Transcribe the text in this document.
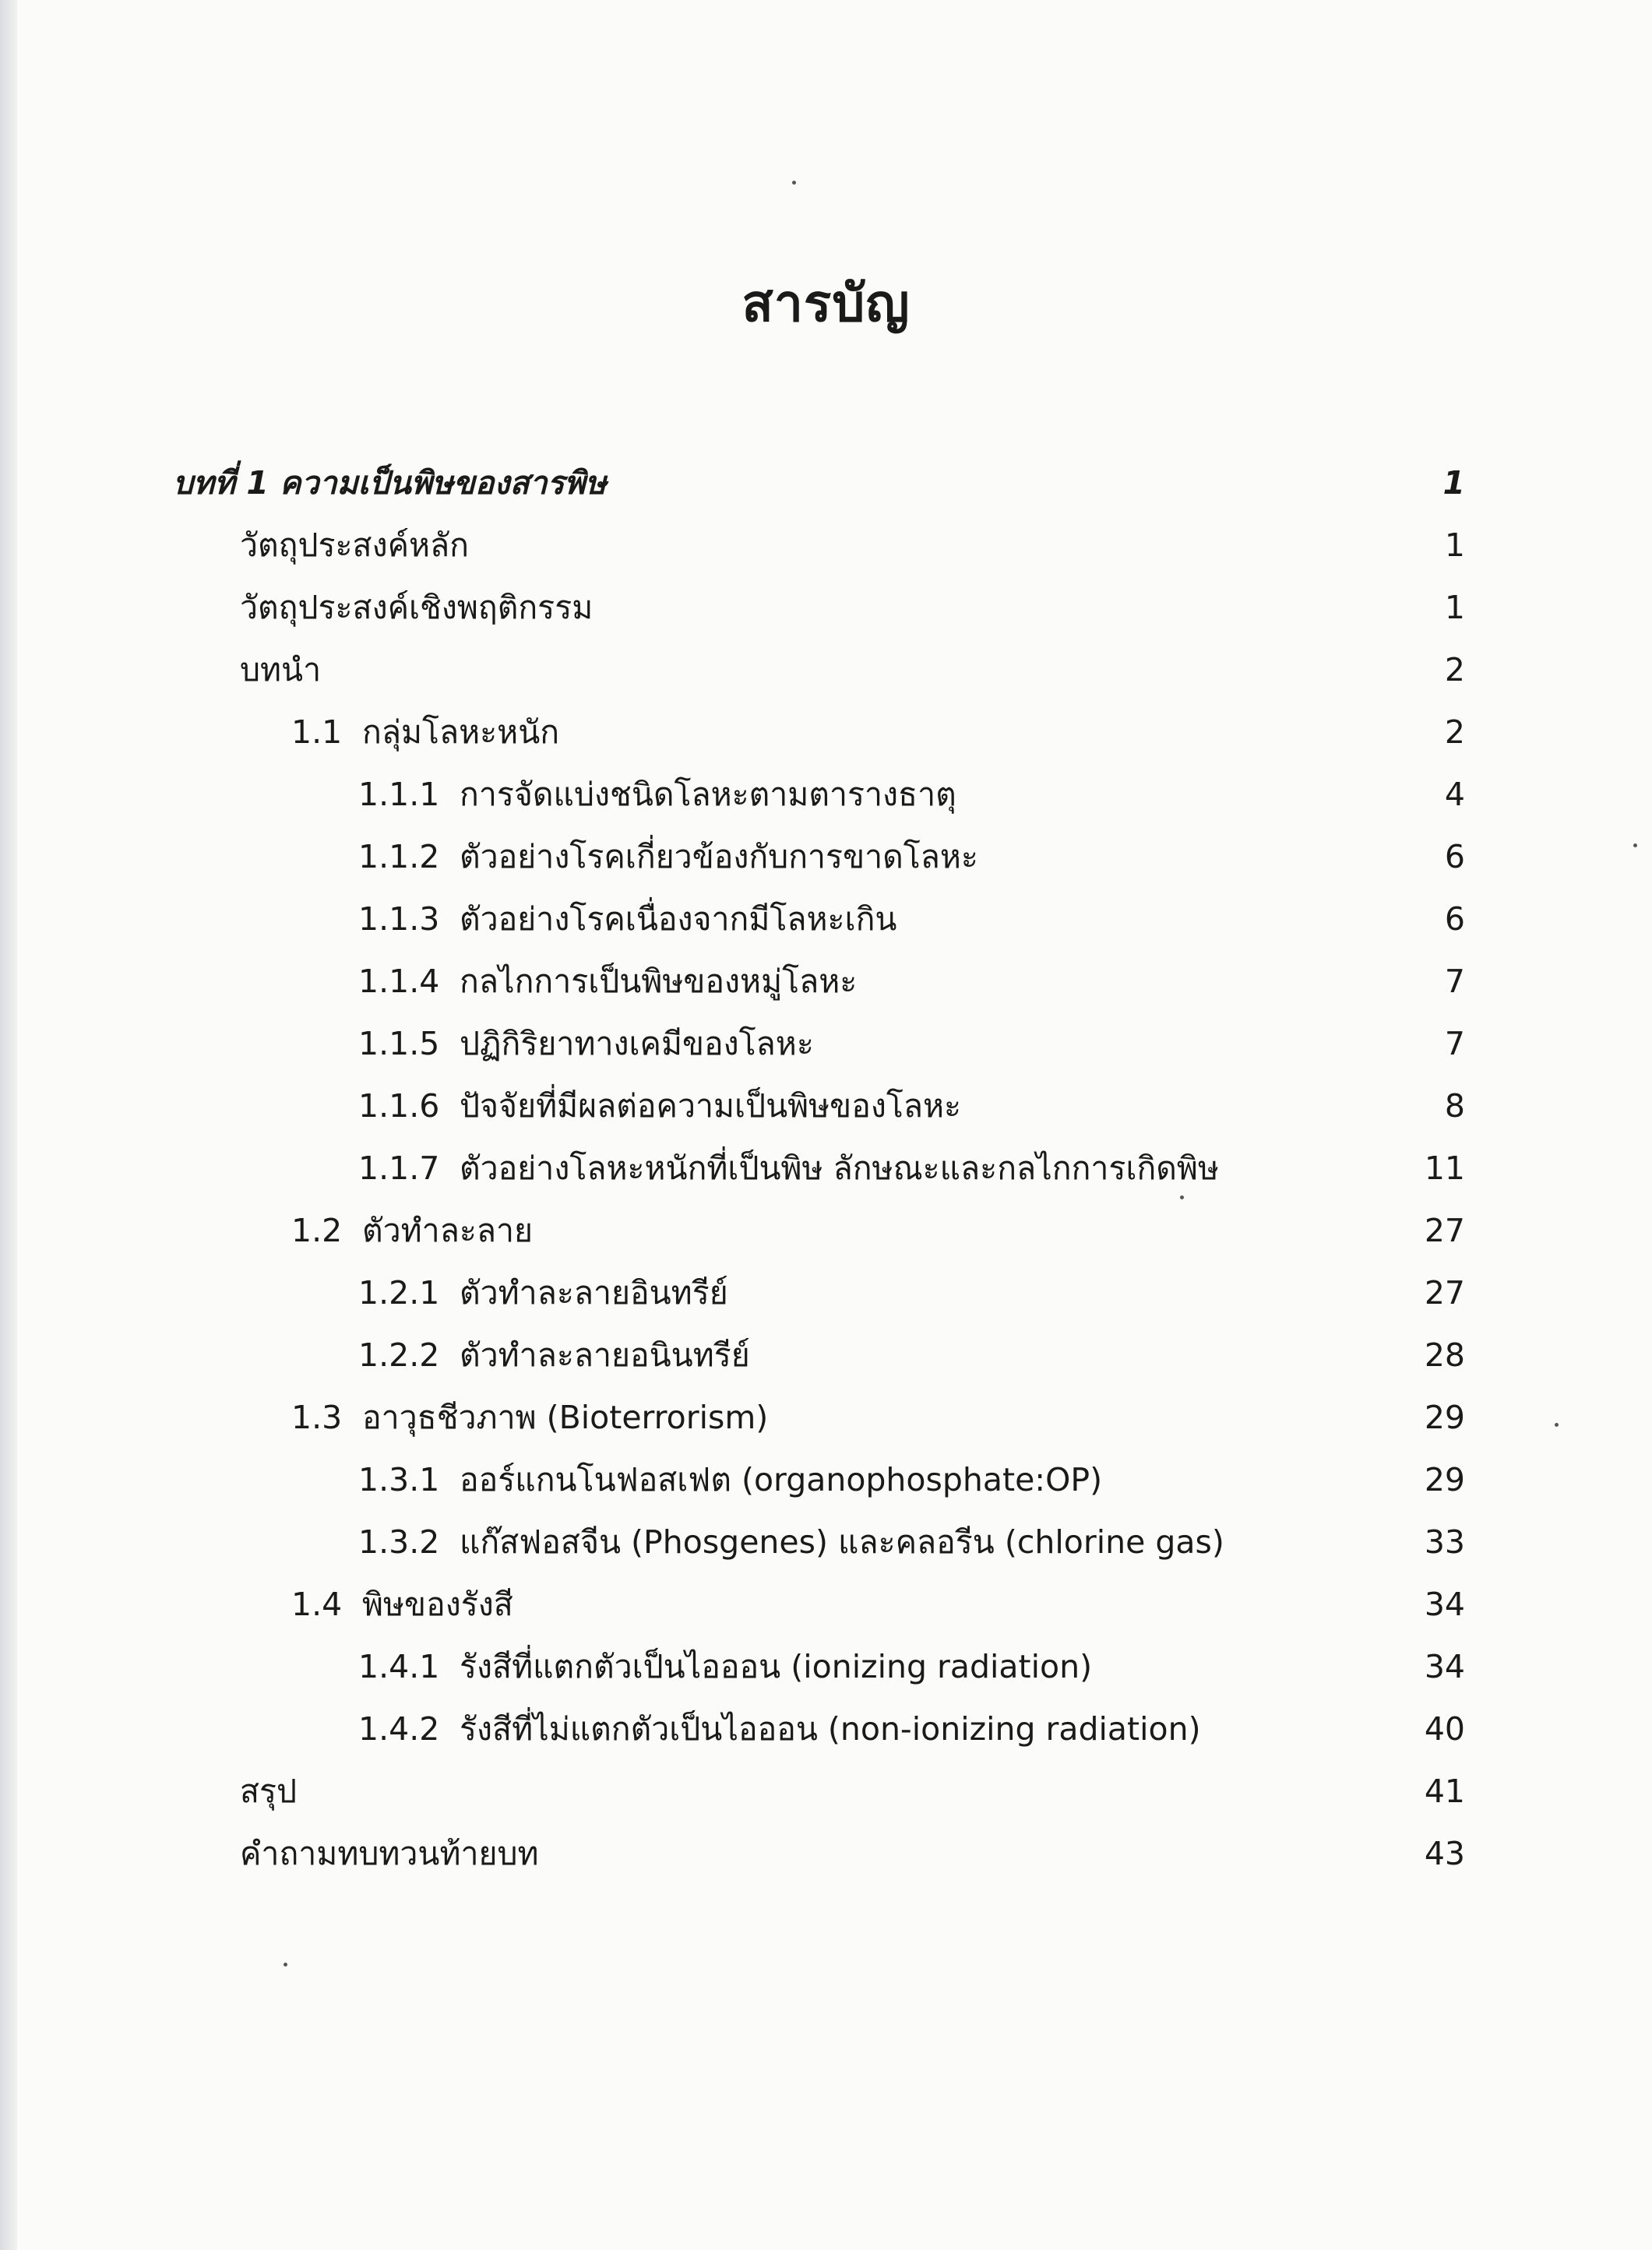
สารบัญ
บทที่ 1 ความเป็นพิษของสารพิษ	1
วัตถุประสงค์หลัก	1
วัตถุประสงค์เชิงพฤติกรรม	1
บทนำ	2
1.1 กลุ่มโลหะหนัก	2
1.1.1 การจัดแบ่งชนิดโลหะตามตารางธาตุ	4
1.1.2 ตัวอย่างโรคเกี่ยวข้องกับการขาดโลหะ	6
1.1.3 ตัวอย่างโรคเนื่องจากมีโลหะเกิน	6
1.1.4 กลไกการเป็นพิษของหมู่โลหะ	7
1.1.5 ปฏิกิริยาทางเคมีของโลหะ	7
1.1.6 ปัจจัยที่มีผลต่อความเป็นพิษของโลหะ	8
1.1.7 ตัวอย่างโลหะหนักที่เป็นพิษ ลักษณะและกลไกการเกิดพิษ	11
1.2 ตัวทำละลาย	27
1.2.1 ตัวทำละลายอินทรีย์	27
1.2.2 ตัวทำละลายอนินทรีย์	28
1.3 อาวุธชีวภาพ (Bioterrorism)	29
1.3.1 ออร์แกนโนฟอสเฟต (organophosphate:OP)	29
1.3.2 แก๊สฟอสจีน (Phosgenes) และคลอรีน (chlorine gas)	33
1.4 พิษของรังสี	34
1.4.1 รังสีที่แตกตัวเป็นไอออน (ionizing radiation)	34
1.4.2 รังสีที่ไม่แตกตัวเป็นไอออน (non-ionizing radiation)	40
สรุป	41
คำถามทบทวนท้ายบท	43
